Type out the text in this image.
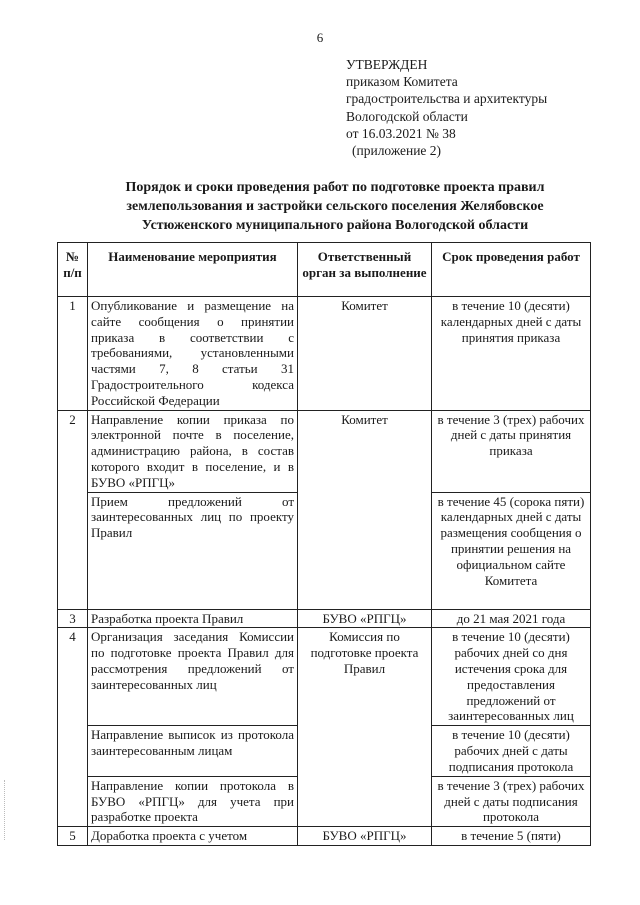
6
УТВЕРЖДЕН
приказом Комитета
градостроительства и архитектуры
Вологодской области
от 16.03.2021 № 38
(приложение 2)
Порядок и сроки проведения работ по подготовке проекта правил
землепользования и застройки сельского поселения Желябовское
Устюженского муниципального района Вологодской области
№ п/п	Наименование мероприятия	Ответственный орган за выполнение	Срок проведения работ
1	Опубликование и размещение на сайте сообщения о принятии приказа в соответствии с требованиями, установленными частями 7, 8 статьи 31 Градостроительного кодекса Российской Федерации	Комитет	в течение 10 (десяти) календарных дней с даты принятия приказа
2	Направление копии приказа по электронной почте в поселение, администрацию района, в состав которого входит в поселение, и в БУВО «РПГЦ»	Комитет	в течение 3 (трех) рабочих дней с даты принятия приказа
	Прием предложений от заинтересованных лиц по проекту Правил		в течение 45 (сорока пяти) календарных дней с даты размещения сообщения о принятии решения на официальном сайте Комитета
3	Разработка проекта Правил	БУВО «РПГЦ»	до 21 мая 2021 года
4	Организация заседания Комиссии по подготовке проекта Правил для рассмотрения предложений от заинтересованных лиц	Комиссия по подготовке проекта Правил	в течение 10 (десяти) рабочих дней со дня истечения срока для предоставления предложений от заинтересованных лиц
	Направление выписок из протокола заинтересованным лицам		в течение 10 (десяти) рабочих дней с даты подписания протокола
	Направление копии протокола в БУВО «РПГЦ» для учета при разработке проекта		в течение 3 (трех) рабочих дней с даты подписания протокола
5	Доработка проекта с учетом	БУВО «РПГЦ»	в течение 5 (пяти)
